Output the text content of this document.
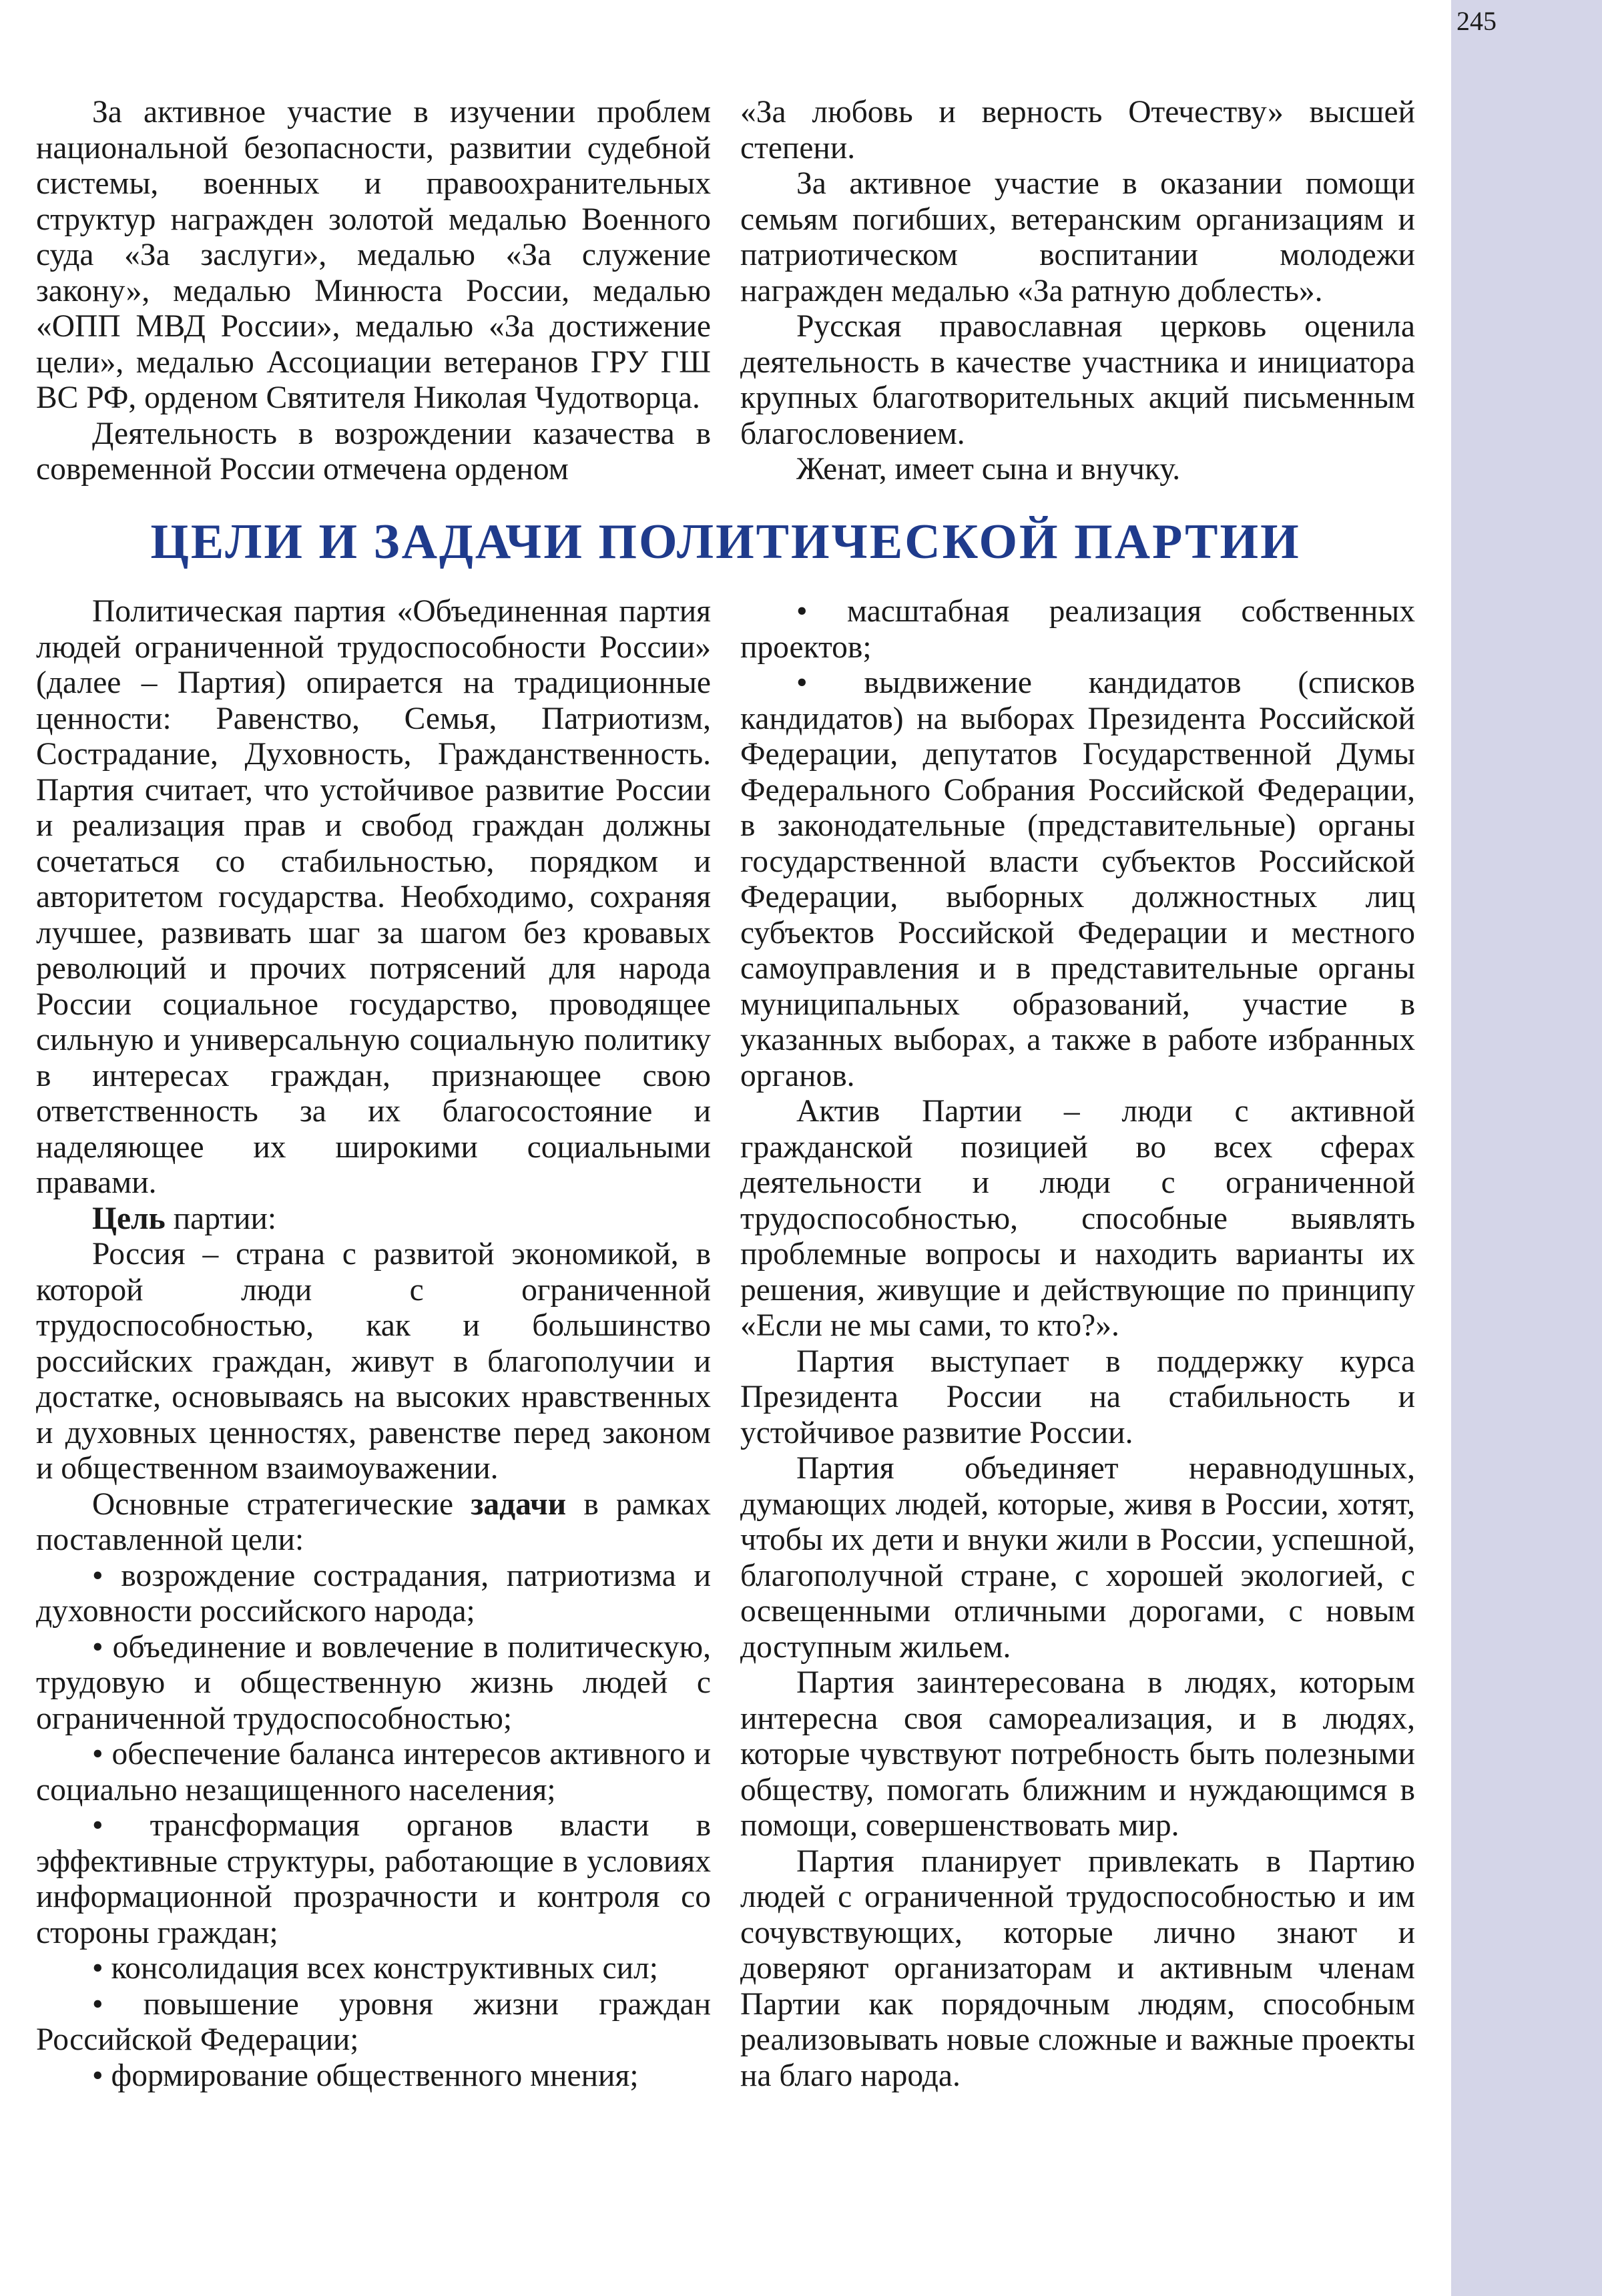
245

За активное участие в изучении проблем национальной безопасности, развитии судебной системы, военных и правоохранительных структур награжден золотой медалью Военного суда «За заслуги», медалью «За служение закону», медалью Минюста России, медалью «ОПП МВД России», медалью «За достижение цели», медалью Ассоциации ветеранов ГРУ ГШ ВС РФ, орденом Святителя Николая Чудотворца.

Деятельность в возрождении казачества в современной России отмечена орденом

«За любовь и верность Отечеству» высшей степени.

За активное участие в оказании помощи семьям погибших, ветеранским организациям и патриотическом воспитании молодежи награжден медалью «За ратную доблесть».

Русская православная церковь оценила деятельность в качестве участника и инициатора крупных благотворительных акций письменным благословением.

Женат, имеет сына и внучку.

ЦЕЛИ И ЗАДАЧИ ПОЛИТИЧЕСКОЙ ПАРТИИ

Политическая партия «Объединенная партия людей ограниченной трудоспособности России» (далее – Партия) опирается на традиционные ценности: Равенство, Семья, Патриотизм, Сострадание, Духовность, Гражданственность. Партия считает, что устойчивое развитие России и реализация прав и свобод граждан должны сочетаться со стабильностью, порядком и авторитетом государства. Необходимо, сохраняя лучшее, развивать шаг за шагом без кровавых революций и прочих потрясений для народа России социальное государство, проводящее сильную и универсальную социальную политику в интересах граждан, признающее свою ответственность за их благосостояние и наделяющее их широкими социальными правами.

Цель партии:

Россия – страна с развитой экономикой, в которой люди с ограниченной трудоспособностью, как и большинство российских граждан, живут в благополучии и достатке, основываясь на высоких нравственных и духовных ценностях, равенстве перед законом и общественном взаимоуважении.

Основные стратегические задачи в рамках поставленной цели:

• возрождение сострадания, патриотизма и духовности российского народа;

• объединение и вовлечение в политическую, трудовую и общественную жизнь людей с ограниченной трудоспособностью;

• обеспечение баланса интересов активного и социально незащищенного населения;

• трансформация органов власти в эффективные структуры, работающие в условиях информационной прозрачности и контроля со стороны граждан;

• консолидация всех конструктивных сил;

• повышение уровня жизни граждан Российской Федерации;

• формирование общественного мнения;

• масштабная реализация собственных проектов;

• выдвижение кандидатов (списков кандидатов) на выборах Президента Российской Федерации, депутатов Государственной Думы Федерального Собрания Российской Федерации, в законодательные (представительные) органы государственной власти субъектов Российской Федерации, выборных должностных лиц субъектов Российской Федерации и местного самоуправления и в представительные органы муниципальных образований, участие в указанных выборах, а также в работе избранных органов.

Актив Партии – люди с активной гражданской позицией во всех сферах деятельности и люди с ограниченной трудоспособностью, способные выявлять проблемные вопросы и находить варианты их решения, живущие и действующие по принципу «Если не мы сами, то кто?».

Партия выступает в поддержку курса Президента России на стабильность и устойчивое развитие России.

Партия объединяет неравнодушных, думающих людей, которые, живя в России, хотят, чтобы их дети и внуки жили в России, успешной, благополучной стране, с хорошей экологией, с освещенными отличными дорогами, с новым доступным жильем.

Партия заинтересована в людях, которым интересна своя самореализация, и в людях, которые чувствуют потребность быть полезными обществу, помогать ближним и нуждающимся в помощи, совершенствовать мир.

Партия планирует привлекать в Партию людей с ограниченной трудоспособностью и им сочувствующих, которые лично знают и доверяют организаторам и активным членам Партии как порядочным людям, способным реализовывать новые сложные и важные проекты на благо народа.
